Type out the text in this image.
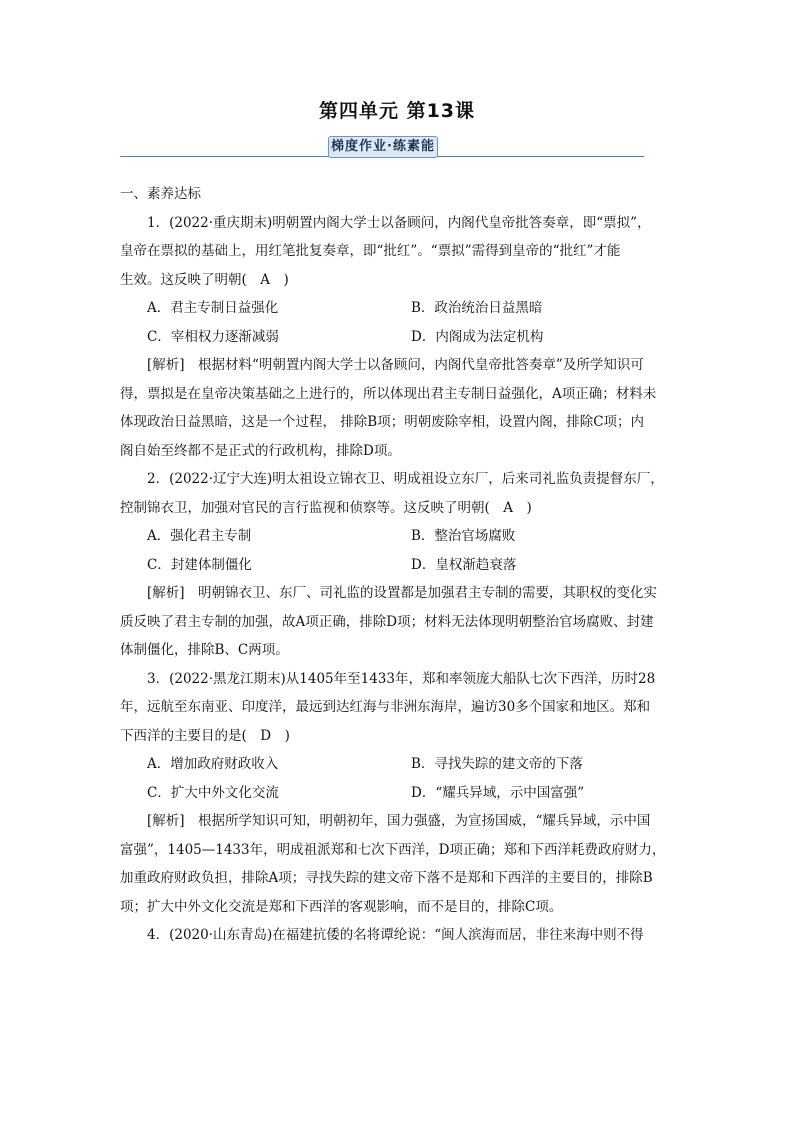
第四单元 第13课
梯度作业·练素能
一、素养达标
1．(2022·重庆期末)明朝置内阁大学士以备顾问，内阁代皇帝批答奏章，即“票拟”，
皇帝在票拟的基础上，用红笔批复奏章，即“批红”。“票拟”需得到皇帝的“批红”才能
生效。这反映了明朝(　A　)
A．君主专制日益强化	B．政治统治日益黑暗
C．宰相权力逐渐减弱	D．内阁成为法定机构
[解析]　根据材料“明朝置内阁大学士以备顾问，内阁代皇帝批答奏章”及所学知识可
得，票拟是在皇帝决策基础之上进行的，所以体现出君主专制日益强化，A项正确；材料未
体现政治日益黑暗，这是一个过程， 排除B项；明朝废除宰相，设置内阁，排除C项；内
阁自始至终都不是正式的行政机构，排除D项。
2．(2022·辽宁大连)明太祖设立锦衣卫、明成祖设立东厂，后来司礼监负责提督东厂，
控制锦衣卫，加强对官民的言行监视和侦察等。这反映了明朝(　A　)
A．强化君主专制	B．整治官场腐败
C．封建体制僵化	D．皇权渐趋衰落
[解析]　明朝锦衣卫、东厂、司礼监的设置都是加强君主专制的需要，其职权的变化实
质反映了君主专制的加强，故A项正确，排除D项；材料无法体现明朝整治官场腐败、封建
体制僵化，排除B、C两项。
3．(2022·黑龙江期末)从1405年至1433年，郑和率领庞大船队七次下西洋，历时28
年，远航至东南亚、印度洋，最远到达红海与非洲东海岸，遍访30多个国家和地区。郑和
下西洋的主要目的是(　D　)
A．增加政府财政收入	B．寻找失踪的建文帝的下落
C．扩大中外文化交流	D．“耀兵异域，示中国富强”
[解析]　根据所学知识可知，明朝初年，国力强盛，为宣扬国威，“耀兵异域，示中国
富强”，1405—1433年，明成祖派郑和七次下西洋，D项正确；郑和下西洋耗费政府财力，
加重政府财政负担，排除A项；寻找失踪的建文帝下落不是郑和下西洋的主要目的，排除B
项；扩大中外文化交流是郑和下西洋的客观影响，而不是目的，排除C项。
4．(2020·山东青岛)在福建抗倭的名将谭纶说：“闽人滨海而居，非往来海中则不得
